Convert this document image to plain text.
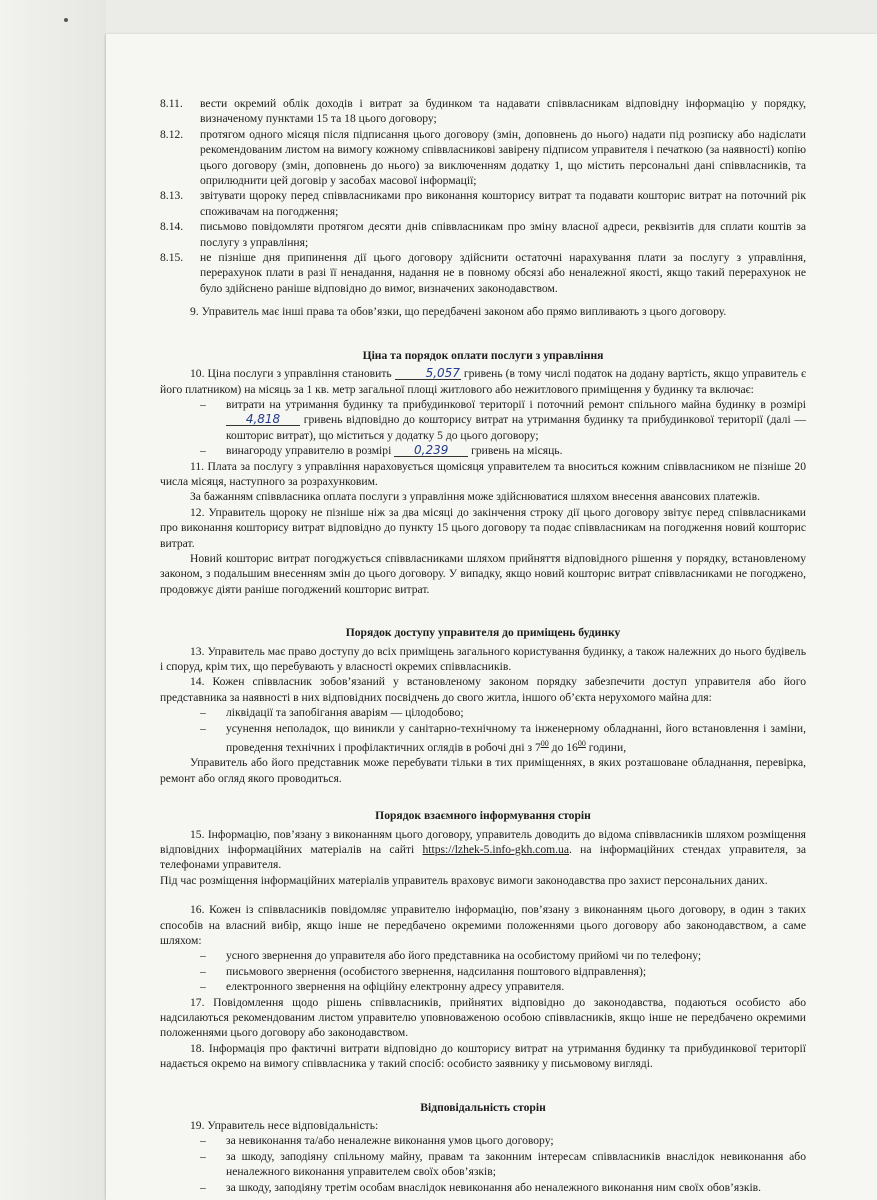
8.11.	вести окремий облік доходів і витрат за будинком та надавати співвласникам відповідну інформацію у порядку, визначеному пунктами 15 та 18 цього договору;
8.12.	протягом одного місяця після підписання цього договору (змін, доповнень до нього) надати під розписку або надіслати рекомендованим листом на вимогу кожному співвласникові завірену підписом управителя і печаткою (за наявності) копію цього договору (змін, доповнень до нього) за виключенням додатку 1, що містить персональні дані співвласників, та оприлюднити цей договір у засобах масової інформації;
8.13.	звітувати щороку перед співвласниками про виконання кошторису витрат та подавати кошторис витрат на поточний рік споживачам на погодження;
8.14.	письмово повідомляти протягом десяти днів співвласникам про зміну власної адреси, реквізитів для сплати коштів за послугу з управління;
8.15.	не пізніше дня припинення дії цього договору здійснити остаточні нарахування плати за послугу з управління, перерахунок плати в разі її ненадання, надання не в повному обсязі або неналежної якості, якщо такий перерахунок не було здійснено раніше відповідно до вимог, визначених законодавством.

9. Управитель має інші права та обов’язки, що передбачені законом або прямо випливають з цього договору.

Ціна та порядок оплати послуги з управління

10. Ціна послуги з управління становить	5,057 гривень (в тому числі податок на додану вартість, якщо управитель є його платником) на місяць за 1 кв. метр загальної площі житлового або нежитлового приміщення у будинку та включає:

–	витрати на утримання будинку та прибудинкової території і поточний ремонт спільного майна будинку в розмірі 4,818 гривень відповідно до кошторису витрат на утримання будинку та прибудинкової території (далі — кошторис витрат), що міститься у додатку 5 до цього договору;
–	винагороду управителю в розмірі 0,239 гривень на місяць.

11. Плата за послугу з управління нараховується щомісяця управителем та вноситься кожним співвласником не пізніше 20 числа місяця, наступного за розрахунковим.

За бажанням співвласника оплата послуги з управління може здійснюватися шляхом внесення авансових платежів.

12. Управитель щороку не пізніше ніж за два місяці до закінчення строку дії цього договору звітує перед співвласниками про виконання кошторису витрат відповідно до пункту 15 цього договору та подає співвласникам на погодження новий кошторис витрат.

Новий кошторис витрат погоджується співвласниками шляхом прийняття відповідного рішення у порядку, встановленому законом, з подальшим внесенням змін до цього договору. У випадку, якщо новий кошторис витрат співвласниками не погоджено, продовжує діяти раніше погоджений кошторис витрат.

Порядок доступу управителя до приміщень будинку

13. Управитель має право доступу до всіх приміщень загального користування будинку, а також належних до нього будівель і споруд, крім тих, що перебувають у власності окремих співвласників.

14. Кожен співвласник зобов’язаний у встановленому законом порядку забезпечити доступ управителя або його представника за наявності в них відповідних посвідчень до свого житла, іншого об’єкта нерухомого майна для:

–	ліквідації та запобігання аваріям — цілодобово;
–	усунення неполадок, що виникли у санітарно-технічному та інженерному обладнанні, його встановлення і заміни, проведення технічних і профілактичних оглядів в робочі дні з $7^{00}$ до $16^{00}$ години,

Управитель або його представник може перебувати тільки в тих приміщеннях, в яких розташоване обладнання, перевірка, ремонт або огляд якого проводиться.

Порядок взаємного інформування сторін

15. Інформацію, пов’язану з виконанням цього договору, управитель доводить до відома співвласників шляхом розміщення відповідних інформаційних матеріалів на сайті https://lzhek-5.info-gkh.com.ua. на інформаційних стендах управителя, за телефонами управителя.

Під час розміщення інформаційних матеріалів управитель враховує вимоги законодавства про захист персональних даних.

16. Кожен із співвласників повідомляє управителю інформацію, пов’язану з виконанням цього договору, в один з таких способів на власний вибір, якщо інше не передбачено окремими положеннями цього договору або законодавством, а саме шляхом:

–	усного звернення до управителя або його представника на особистому прийомі чи по телефону;
–	письмового звернення (особистого звернення, надсилання поштового відправлення);
–	електронного звернення на офіційну електронну адресу управителя.

17. Повідомлення щодо рішень співвласників, прийнятих відповідно до законодавства, подаються особисто або надсилаються рекомендованим листом управителю уповноваженою особою співвласників, якщо інше не передбачено окремими положеннями цього договору або законодавством.

18. Інформація про фактичні витрати відповідно до кошторису витрат на утримання будинку та прибудинкової території надається окремо на вимогу співвласника у такий спосіб: особисто заявнику у письмовому вигляді.

Відповідальність сторін

19. Управитель несе відповідальність:

–	за невиконання та/або неналежне виконання умов цього договору;
–	за шкоду, заподіяну спільному майну, правам та законним інтересам співвласників внаслідок невиконання або неналежного виконання управителем своїх обов’язків;
–	за шкоду, заподіяну третім особам внаслідок невиконання або неналежного виконання ним своїх обов’язків.
